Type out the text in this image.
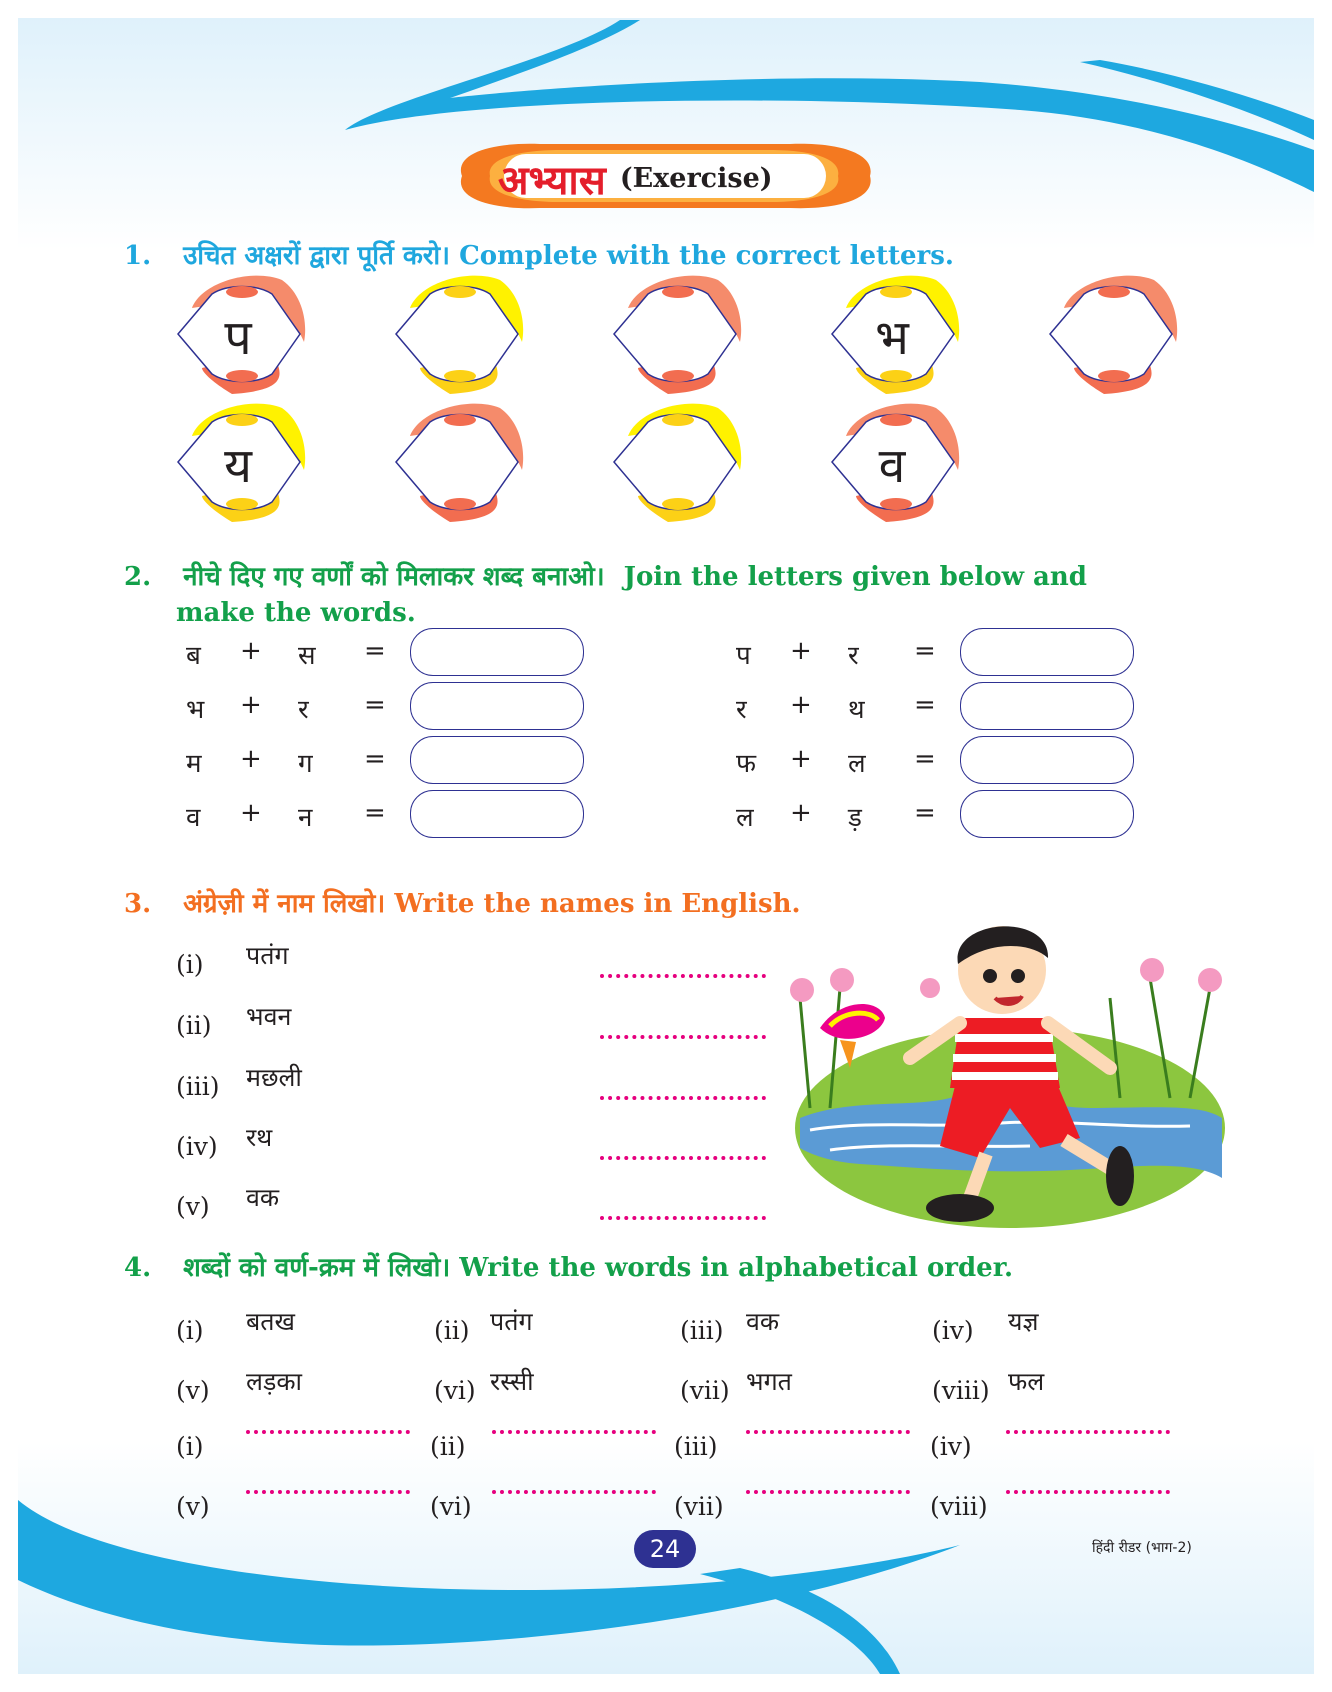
अभ्यास (Exercise)
1. उचित अक्षरों द्वारा पूर्ति करो। Complete with the correct letters.
प	भ
य	व
2. नीचे दिए गए वर्णों को मिलाकर शब्द बनाओ। Join the letters given below and
make the words.
ब + स =
भ + र =
म + ग =
व + न =
प + र =
र + थ =
फ + ल =
ल + ड़ =
3. अंग्रेज़ी में नाम लिखो। Write the names in English.
(i) पतंग
(ii) भवन
(iii) मछली
(iv) रथ
(v) वक
4. शब्दों को वर्ण-क्रम में लिखो। Write the words in alphabetical order.
(i) बतख	(ii) पतंग	(iii) वक	(iv) यज्ञ
(v) लड़का	(vi) रस्सी	(vii) भगत	(viii) फल
(i)	(ii)	(iii)	(iv)
(v)	(vi)	(vii)	(viii)
24	हिंदी रीडर (भाग-2)
